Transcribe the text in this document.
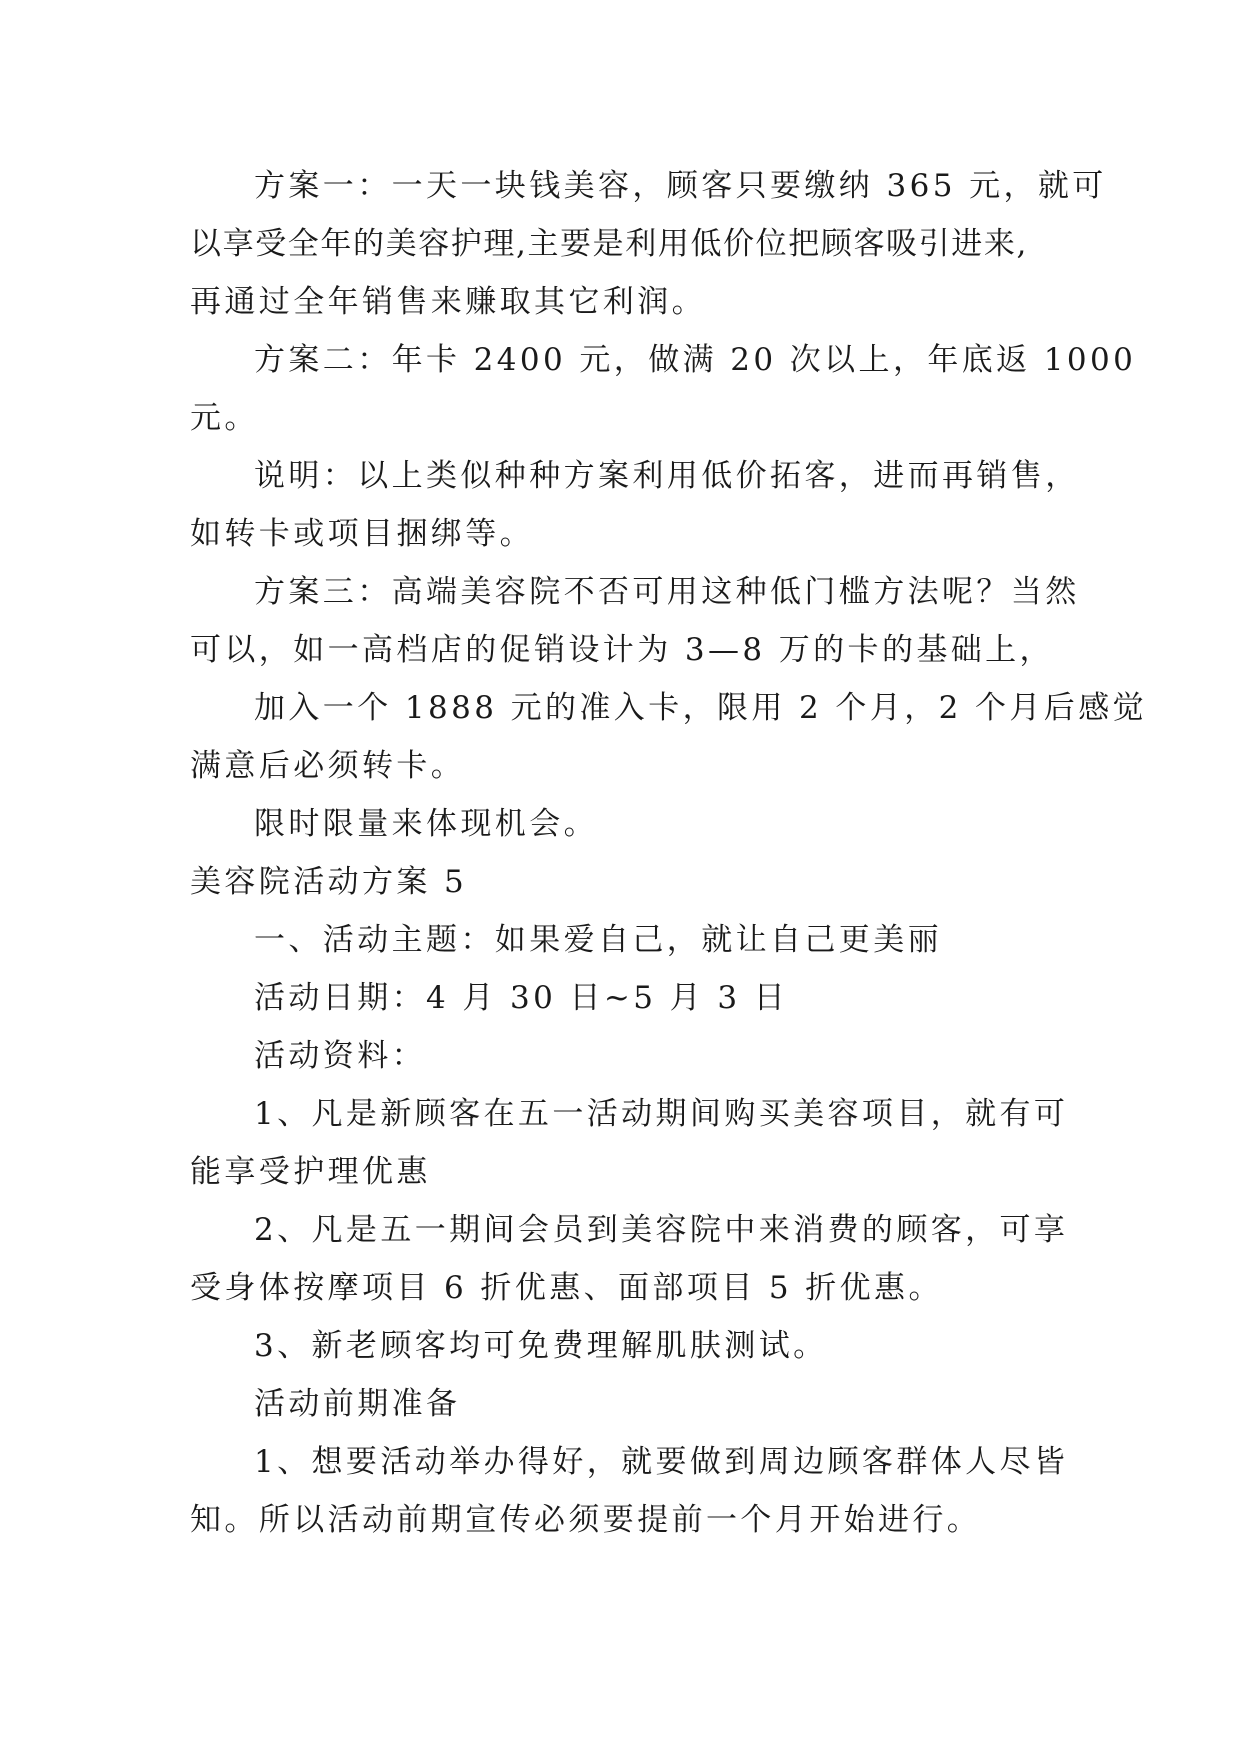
方案一：一天一块钱美容，顾客只要缴纳 365 元，就可
以享受全年的美容护理,主要是利用低价位把顾客吸引进来,
再通过全年销售来赚取其它利润。
方案二：年卡 2400 元，做满 20 次以上，年底返 1000
元。
说明：以上类似种种方案利用低价拓客，进而再销售，
如转卡或项目捆绑等。
方案三：高端美容院不否可用这种低门槛方法呢？当然
可以，如一高档店的促销设计为 3—8 万的卡的基础上，
加入一个 1888 元的准入卡，限用 2 个月，2 个月后感觉
满意后必须转卡。
限时限量来体现机会。
美容院活动方案 5
一、活动主题：如果爱自己，就让自己更美丽
活动日期：4 月 30 日~5 月 3 日
活动资料：
1、凡是新顾客在五一活动期间购买美容项目，就有可
能享受护理优惠
2、凡是五一期间会员到美容院中来消费的顾客，可享
受身体按摩项目 6 折优惠、面部项目 5 折优惠。
3、新老顾客均可免费理解肌肤测试。
活动前期准备
1、想要活动举办得好，就要做到周边顾客群体人尽皆
知。所以活动前期宣传必须要提前一个月开始进行。
